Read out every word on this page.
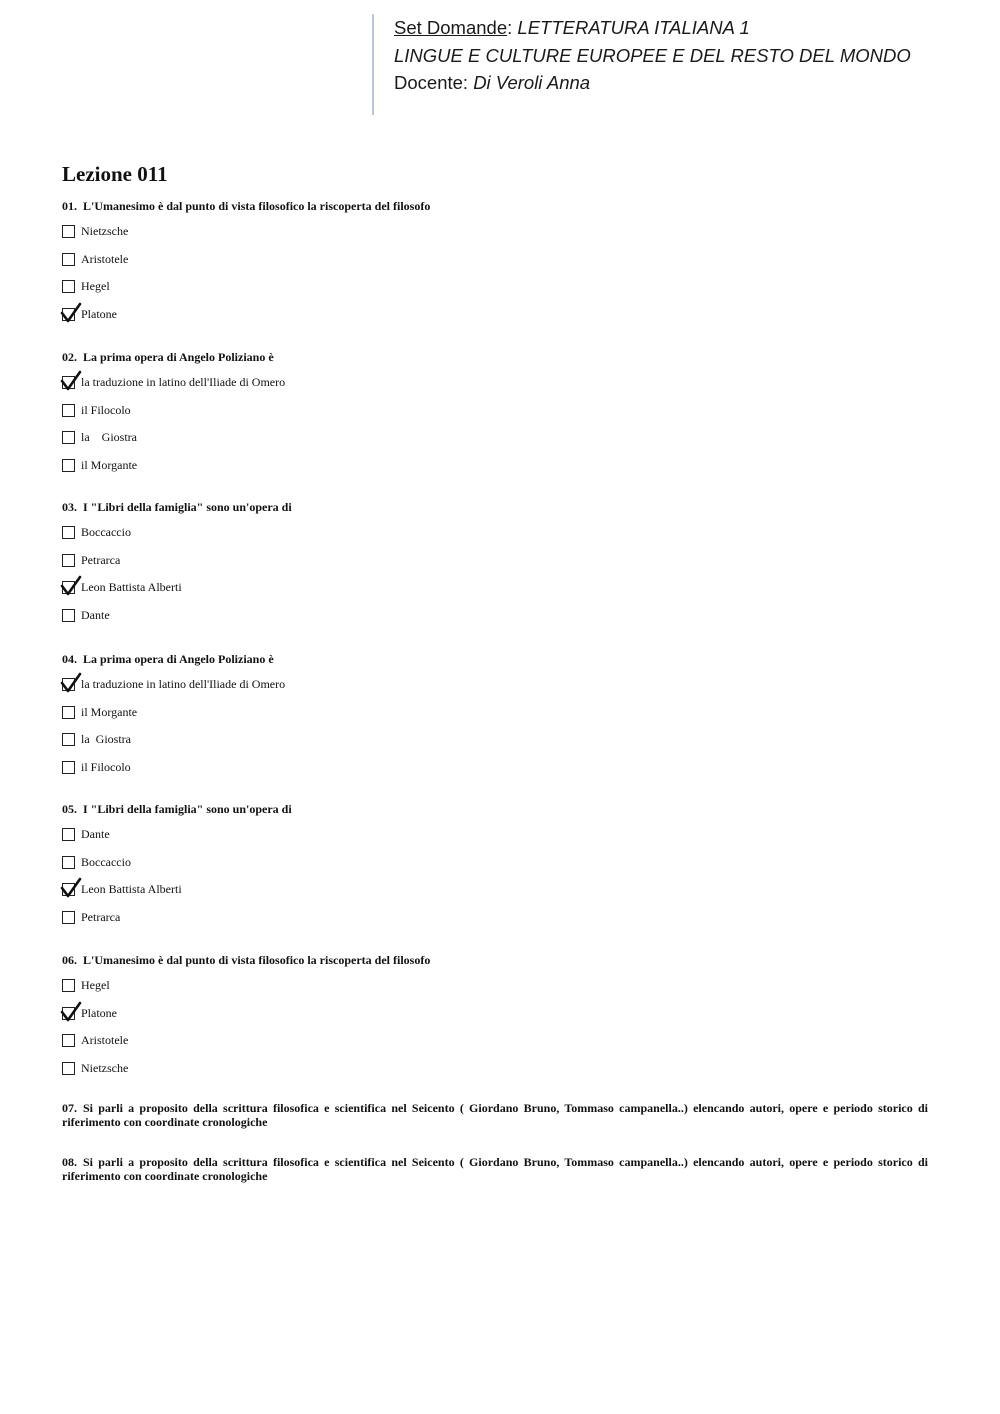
Set Domande: LETTERATURA ITALIANA 1
LINGUE E CULTURE EUROPEE E DEL RESTO DEL MONDO
Docente: Di Veroli Anna
Lezione 011
01. L'Umanesimo è dal punto di vista filosofico la riscoperta del filosofo
Nietzsche
Aristotele
Hegel
Platone
02. La prima opera di Angelo Poliziano è
la traduzione in latino dell'Iliade di Omero
il Filocolo
la    Giostra
il Morgante
03. I "Libri della famiglia" sono un'opera di
Boccaccio
Petrarca
Leon Battista Alberti
Dante
04. La prima opera di Angelo Poliziano è
la traduzione in latino dell'Iliade di Omero
il Morgante
la  Giostra
il Filocolo
05. I "Libri della famiglia" sono un'opera di
Dante
Boccaccio
Leon Battista Alberti
Petrarca
06. L'Umanesimo è dal punto di vista filosofico la riscoperta del filosofo
Hegel
Platone
Aristotele
Nietzsche
07. Si parli a proposito della scrittura filosofica e scientifica nel Seicento ( Giordano Bruno, Tommaso campanella..) elencando autori, opere e periodo storico di riferimento con coordinate cronologiche
08. Si parli a proposito della scrittura filosofica e scientifica nel Seicento ( Giordano Bruno, Tommaso campanella..) elencando autori, opere e periodo storico di riferimento con coordinate cronologiche
